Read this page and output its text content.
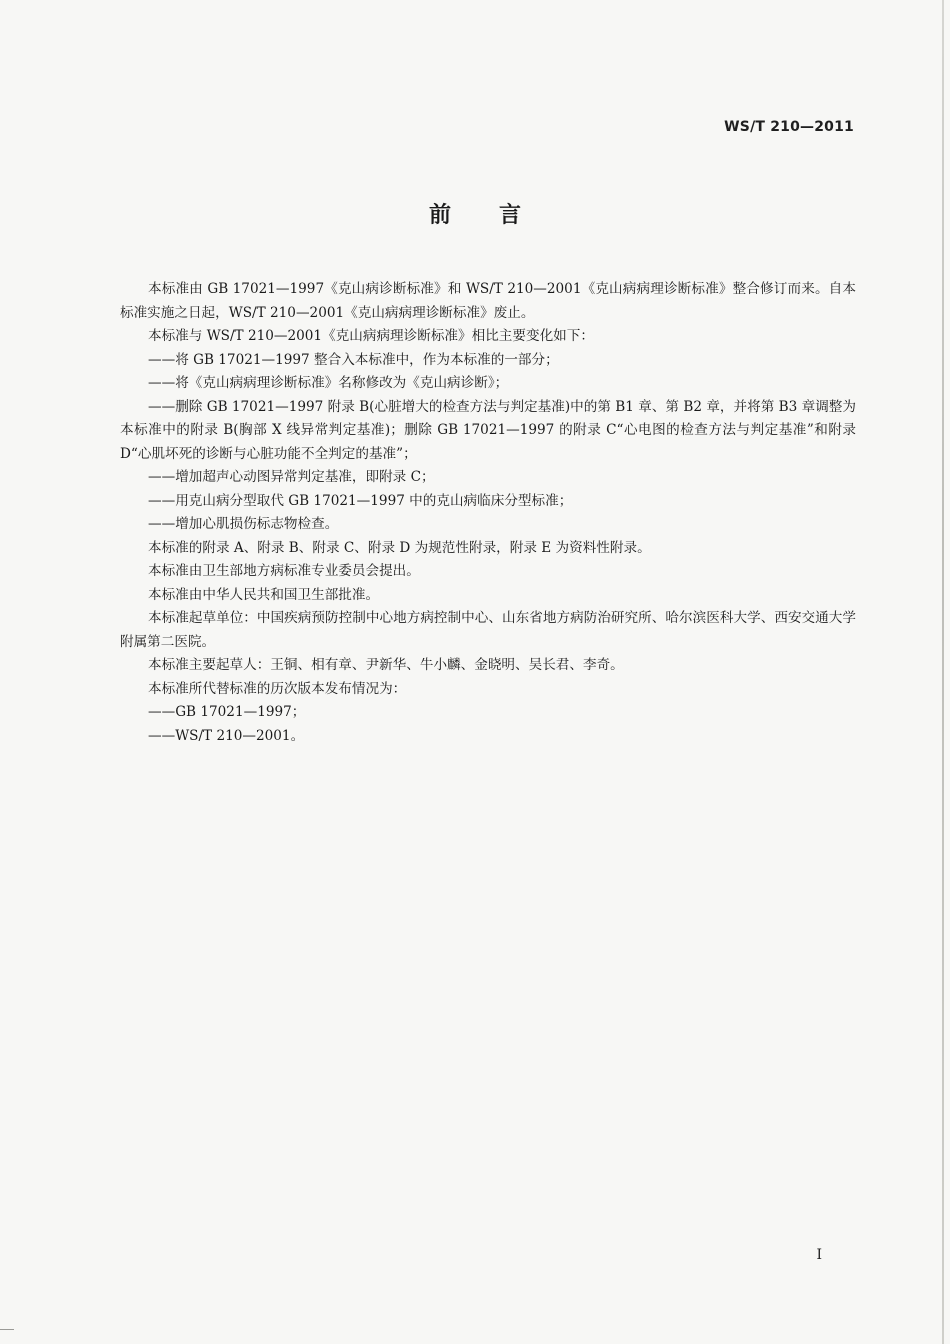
WS/T 210—2011
前言

本标准由 GB 17021—1997《克山病诊断标准》和 WS/T 210—2001《克山病病理诊断标准》整合修订而来。自本标准实施之日起，WS/T 210—2001《克山病病理诊断标准》废止。

本标准与 WS/T 210—2001《克山病病理诊断标准》相比主要变化如下：

——将 GB 17021—1997 整合入本标准中，作为本标准的一部分；

——将《克山病病理诊断标准》名称修改为《克山病诊断》；

——删除 GB 17021—1997 附录 B(心脏增大的检查方法与判定基准)中的第 B1 章、第 B2 章，并将第 B3 章调整为本标准中的附录 B(胸部 X 线异常判定基准)；删除 GB 17021—1997 的附录 C“心电图的检查方法与判定基准”和附录 D“心肌坏死的诊断与心脏功能不全判定的基准”；

——增加超声心动图异常判定基准，即附录 C；

——用克山病分型取代 GB 17021—1997 中的克山病临床分型标准；

——增加心肌损伤标志物检查。

本标准的附录 A、附录 B、附录 C、附录 D 为规范性附录，附录 E 为资料性附录。

本标准由卫生部地方病标准专业委员会提出。

本标准由中华人民共和国卫生部批准。

本标准起草单位：中国疾病预防控制中心地方病控制中心、山东省地方病防治研究所、哈尔滨医科大学、西安交通大学附属第二医院。

本标准主要起草人：王铜、相有章、尹新华、牛小麟、金晓明、吴长君、李奇。

本标准所代替标准的历次版本发布情况为：

——GB 17021—1997；

——WS/T 210—2001。

I
